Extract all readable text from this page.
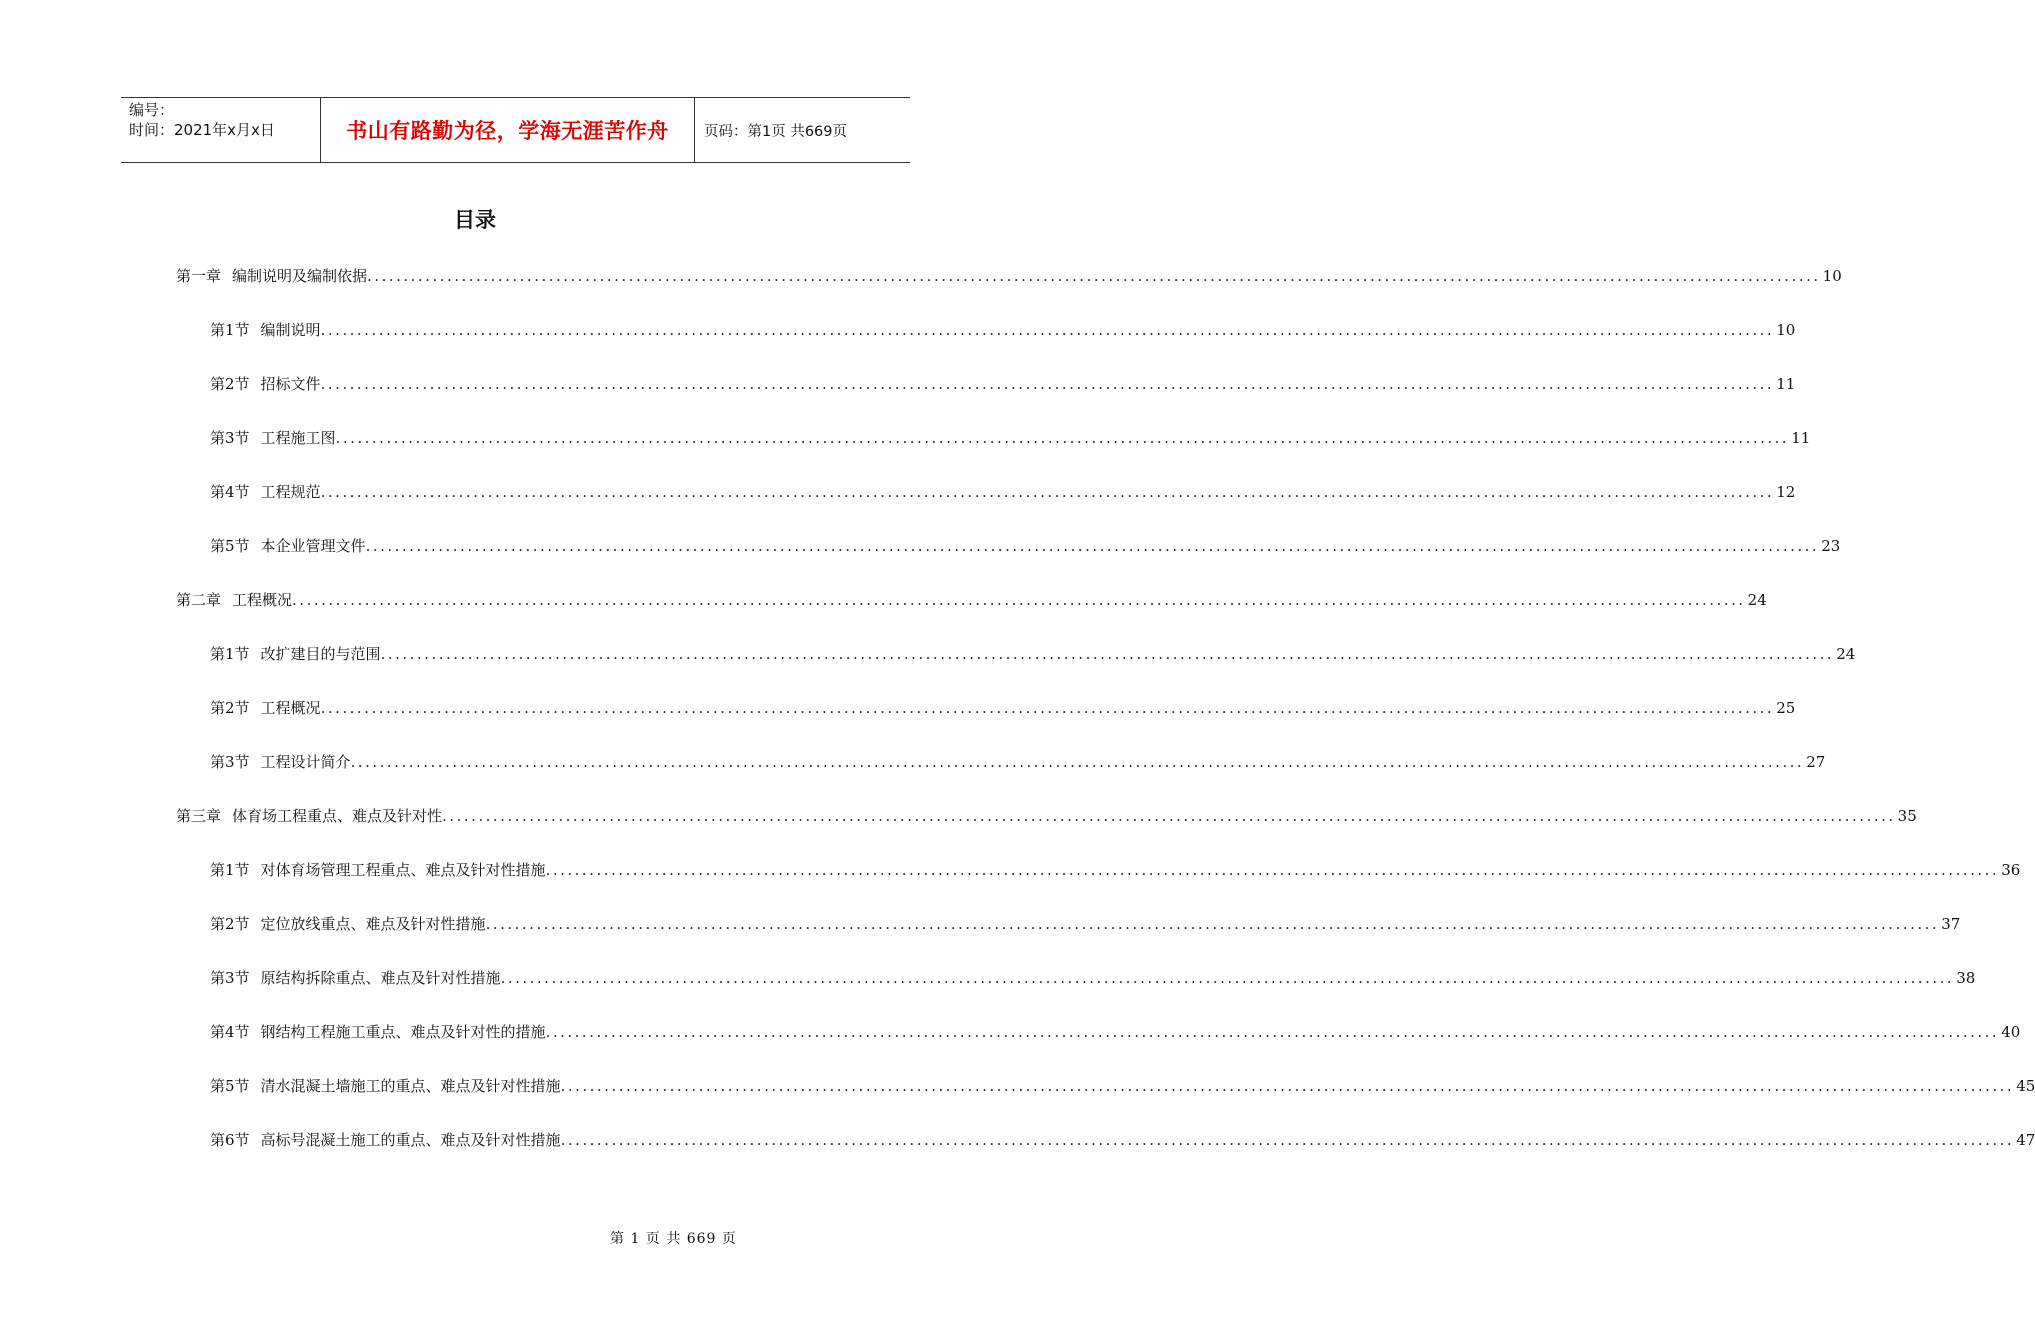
编号：
时间：2021年x月x日	书山有路勤为径，学海无涯苦作舟 页码：第1页 共669页
目录
第一章 编制说明及编制依据 ........................................................................................................................................................................................................ 10
第1节 编制说明 ........................................................................................................................................................................................................ 10
第2节 招标文件 ........................................................................................................................................................................................................ 11
第3节 工程施工图 ........................................................................................................................................................................................................ 11
第4节 工程规范 ........................................................................................................................................................................................................ 12
第5节 本企业管理文件 ........................................................................................................................................................................................................ 23
第二章 工程概况 ........................................................................................................................................................................................................ 24
第1节 改扩建目的与范围 ........................................................................................................................................................................................................ 24
第2节 工程概况 ........................................................................................................................................................................................................ 25
第3节 工程设计简介 ........................................................................................................................................................................................................ 27
第三章 体育场工程重点、难点及针对性 ........................................................................................................................................................................................................ 35
第1节 对体育场管理工程重点、难点及针对性措施 ........................................................................................................................................................................................................ 36
第2节 定位放线重点、难点及针对性措施 ........................................................................................................................................................................................................ 37
第3节 原结构拆除重点、难点及针对性措施 ........................................................................................................................................................................................................ 38
第4节 钢结构工程施工重点、难点及针对性的措施 ........................................................................................................................................................................................................ 40
第5节 清水混凝土墙施工的重点、难点及针对性措施 ........................................................................................................................................................................................................ 45
第6节 高标号混凝土施工的重点、难点及针对性措施 ........................................................................................................................................................................................................ 47
第 1 页 共 669 页
